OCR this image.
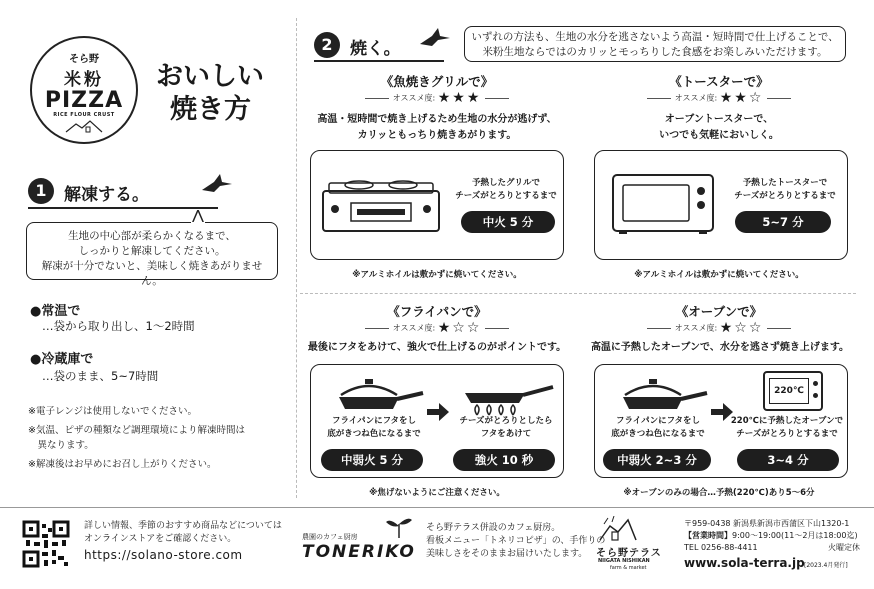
そら野
米粉
PIZZA
RICE FLOUR CRUST
おいしい
焼き方
1	解凍する。
生地の中心部が柔らかくなるまで、
しっかりと解凍してください。
解凍が十分でないと、美味しく焼きあがりません。
●常温で
…袋から取り出し、1～2時間
●冷蔵庫で
…袋のまま、5~7時間
※電子レンジは使用しないでください。
※気温、ピザの種類など調理環境により解凍時間は
　異なります。
※解凍後はお早めにお召し上がりください。
2	焼く。
いずれの方法も、生地の水分を逃さないよう高温・短時間で仕上げることで、
米粉生地ならではのカリッとモっちりした食感をお楽しみいただけます。
《魚焼きグリルで》
オススメ度: ★★★
高温・短時間で焼き上げるため生地の水分が逃げず、
カリッともっちり焼きあがります。
予熱したグリルで
チーズがとろりとするまで
中火 5 分
※アルミホイルは敷かずに焼いてください。
《トースターで》
オススメ度: ★★☆
オーブントースターで、
いつでも気軽においしく。
予熱したトースターで
チーズがとろりとするまで
5~7 分
※アルミホイルは敷かずに焼いてください。
《フライパンで》
オススメ度: ★☆☆
最後にフタをあけて、強火で仕上げるのがポイントです。
フライパンにフタをし
底がきつね色になるまで
チーズがとろりとしたら
フタをあけて
中弱火 5 分	強火 10 秒
※焦げないようにご注意ください。
《オーブンで》
オススメ度: ★☆☆
高温に予熱したオーブンで、水分を逃さず焼き上げます。
220℃
フライパンにフタをし
底がきつね色になるまで
220℃に予熱したオーブンで
チーズがとろりとするまで
中弱火 2~3 分	3~4 分
※オーブンのみの場合…予熱(220℃)あり5～6分
詳しい情報、季節のおすすめ商品などについては
オンラインストアをご確認ください。
https://solano-store.com
農園のカフェ厨房
TONERIKO
そら野テラス併設のカフェ厨房。
看板メニュー「トネリコピザ」の、手作りの
美味しさをそのままお届けいたします。 そら野テラス
NIIGATA NISHIKAN
farm & market
〒959-0438 新潟県新潟市西蒲区下山1320-1
【営業時間】9:00～19:00(11～2月は18:00迄)
TEL 0256-88-4411	火曜定休
www.sola-terra.jp [2023.4月発行]
